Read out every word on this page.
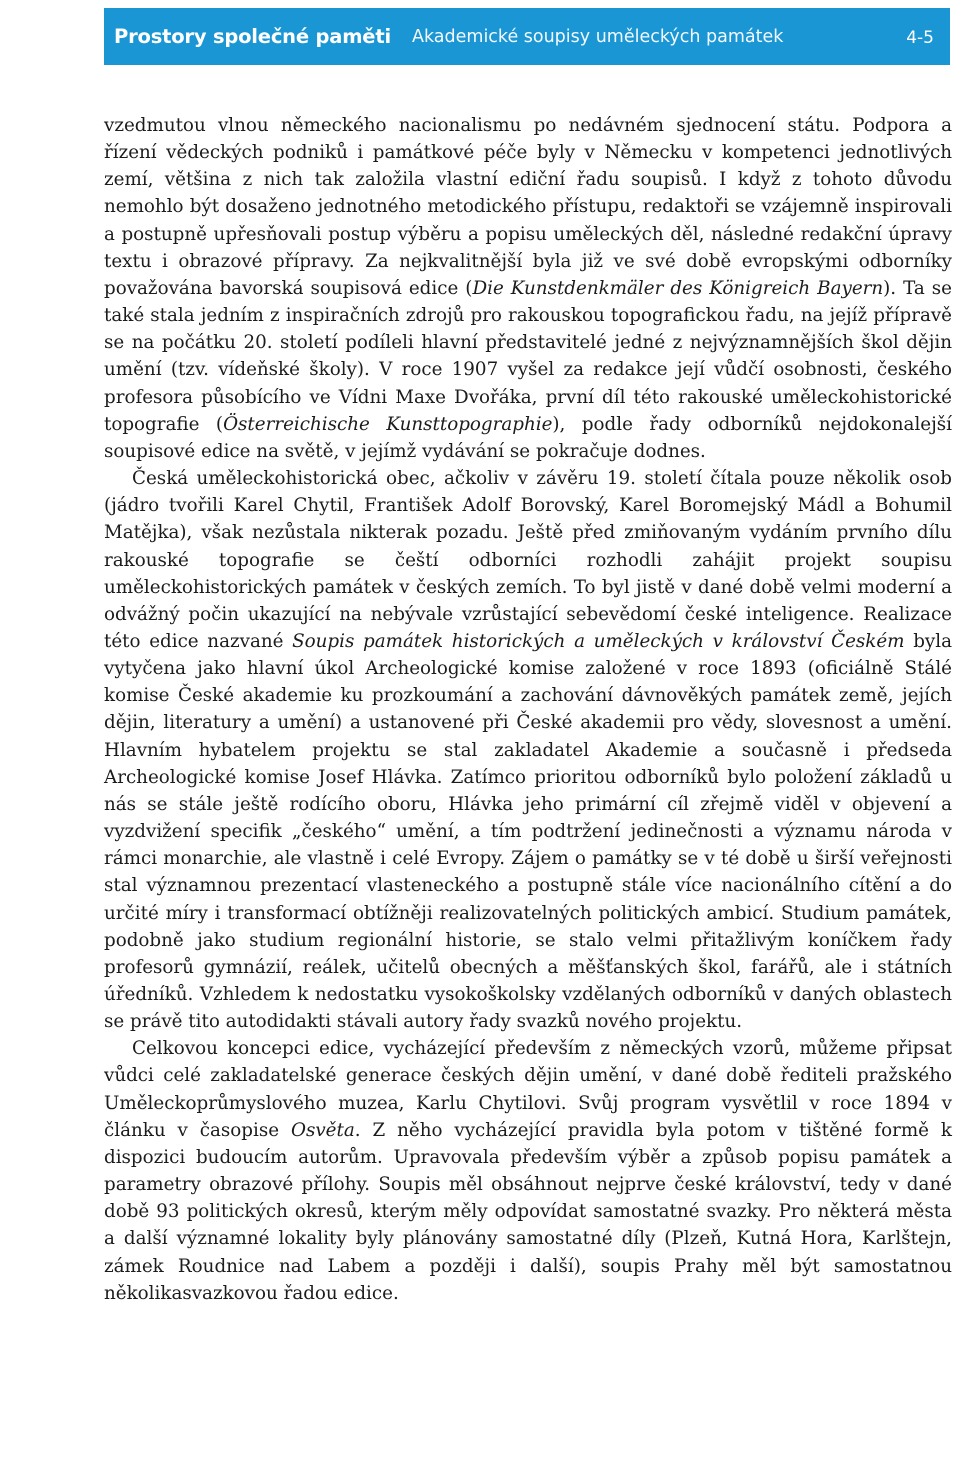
Prostory společné paměti Akademické soupisy uměleckých památek	4-5

vzedmutou vlnou německého nacionalismu po nedávném sjednocení státu. Podpora a řízení vědeckých podniků i památkové péče byly v Německu v kompetenci jednotlivých zemí, většina z nich tak založila vlastní ediční řadu soupisů. I když z tohoto důvodu nemohlo být dosaženo jednotného metodického přístupu, redaktoři se vzájemně inspirovali a postupně upřesňovali postup výběru a popisu uměleckých děl, následné redakční úpravy textu i obrazové přípravy. Za nejkvalitnější byla již ve své době evropskými odborníky považována bavorská soupisová edice (Die Kunstdenkmäler des Königreich Bayern). Ta se také stala jedním z inspiračních zdrojů pro rakouskou topografickou řadu, na jejíž přípravě se na počátku 20. století podíleli hlavní představitelé jedné z nejvýznamnějších škol dějin umění (tzv. vídeňské školy). V roce 1907 vyšel za redakce její vůdčí osobnosti, českého profesora působícího ve Vídni Maxe Dvořáka, první díl této rakouské uměleckohistorické topografie (Österreichische Kunsttopographie), podle řady odborníků nejdokonalejší soupisové edice na světě, v jejímž vydávání se pokračuje dodnes.

Česká uměleckohistorická obec, ačkoliv v závěru 19. století čítala pouze několik osob (jádro tvořili Karel Chytil, František Adolf Borovský, Karel Boromejský Mádl a Bohumil Matějka), však nezůstala nikterak pozadu. Ještě před zmiňovaným vydáním prvního dílu rakouské topografie se čeští odborníci rozhodli zahájit projekt soupisu uměleckohistorických památek v českých zemích. To byl jistě v dané době velmi moderní a odvážný počin ukazující na nebývale vzrůstající sebevědomí české inteligence. Realizace této edice nazvané Soupis památek historických a uměleckých v království Českém byla vytyčena jako hlavní úkol Archeologické komise založené v roce 1893 (oficiálně Stálé komise České akademie ku prozkoumání a zachování dávnověkých památek země, jejích dějin, literatury a umění) a ustanovené při České akademii pro vědy, slovesnost a umění. Hlavním hybatelem projektu se stal zakladatel Akademie a současně i předseda Archeologické komise Josef Hlávka. Zatímco prioritou odborníků bylo položení základů u nás se stále ještě rodícího oboru, Hlávka jeho primární cíl zřejmě viděl v objevení a vyzdvižení specifik „českého“ umění, a tím podtržení jedinečnosti a významu národa v rámci monarchie, ale vlastně i celé Evropy. Zájem o památky se v té době u širší veřejnosti stal významnou prezentací vlasteneckého a postupně stále více nacionálního cítění a do určité míry i transformací obtížněji realizovatelných politických ambicí. Studium památek, podobně jako studium regionální historie, se stalo velmi přitažlivým koníčkem řady profesorů gymnázií, reálek, učitelů obecných a měšťanských škol, farářů, ale i státních úředníků. Vzhledem k nedostatku vysokoškolsky vzdělaných odborníků v daných oblastech se právě tito autodidakti stávali autory řady svazků nového projektu.

Celkovou koncepci edice, vycházející především z německých vzorů, můžeme připsat vůdci celé zakladatelské generace českých dějin umění, v dané době řediteli pražského Uměleckoprůmyslového muzea, Karlu Chytilovi. Svůj program vysvětlil v roce 1894 v článku v časopise Osvěta. Z něho vycházející pravidla byla potom v tištěné formě k dispozici budoucím autorům. Upravovala především výběr a způsob popisu památek a parametry obrazové přílohy. Soupis měl obsáhnout nejprve české království, tedy v dané době 93 politických okresů, kterým měly odpovídat samostatné svazky. Pro některá města a další významné lokality byly plánovány samostatné díly (Plzeň, Kutná Hora, Karlštejn, zámek Roudnice nad Labem a později i další), soupis Prahy měl být samostatnou několikasvazkovou řadou edice.
